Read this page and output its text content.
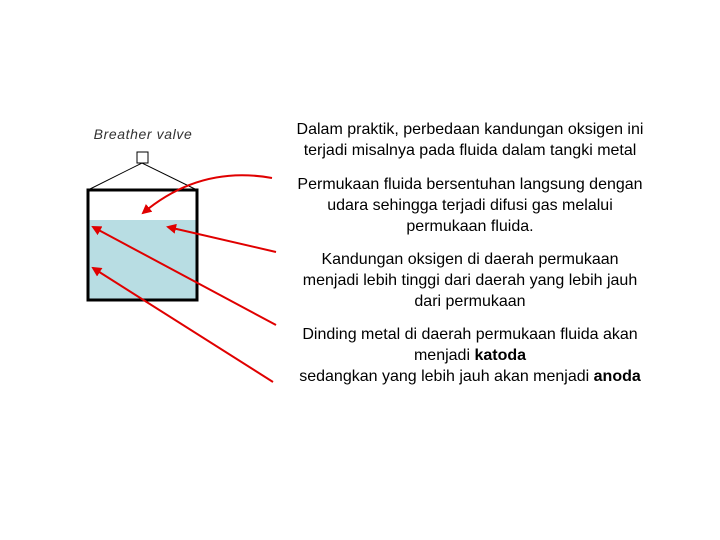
Breather valve	Dalam praktik, perbedaan kandungan oksigen ini
terjadi misalnya pada fluida dalam tangki metal
Permukaan fluida bersentuhan langsung dengan
udara sehingga terjadi difusi gas melalui
permukaan fluida.
Kandungan oksigen di daerah permukaan
menjadi lebih tinggi dari daerah yang lebih jauh
dari permukaan
Dinding metal di daerah permukaan fluida akan
menjadi katoda
sedangkan yang lebih jauh akan menjadi anoda
